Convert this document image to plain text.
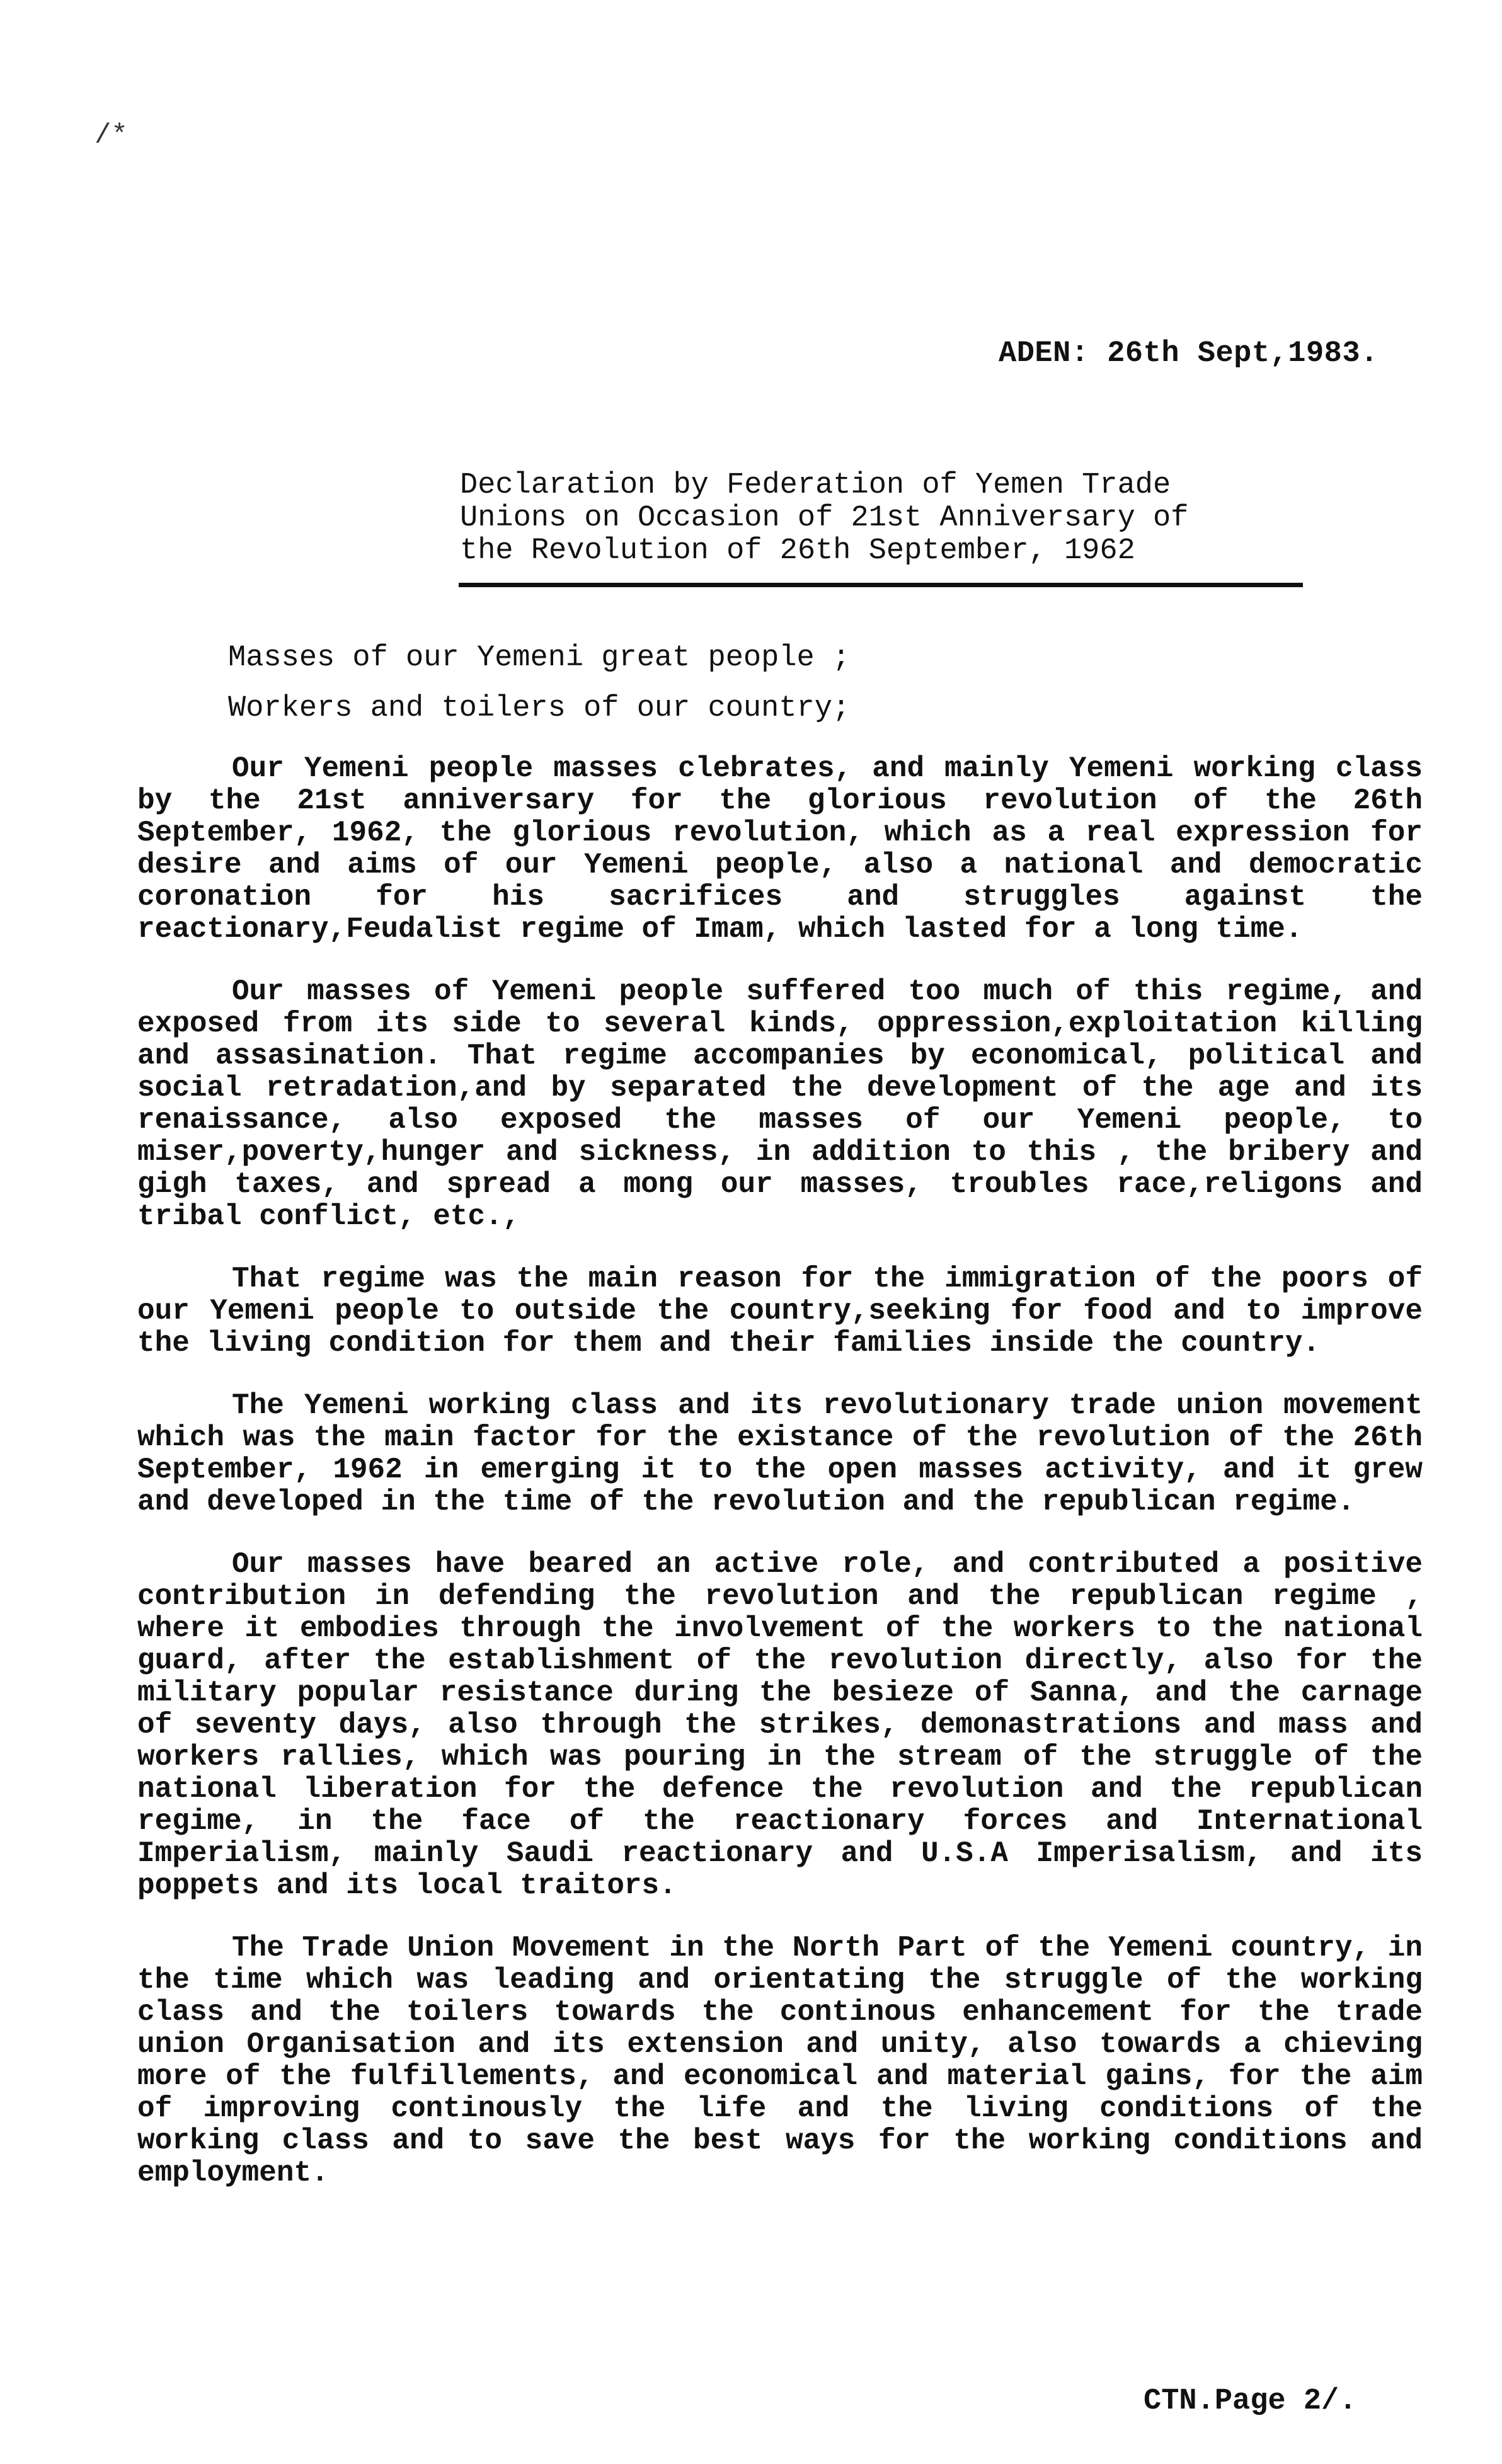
/*
ADEN: 26th Sept,1983.
Declaration by Federation of Yemen Trade
Unions on Occasion of 21st Anniversary of
the Revolution of 26th September, 1962
Masses of our Yemeni great people ;
Workers and toilers of our country;

Our Yemeni people masses clebrates, and mainly Yemeni working class by the 21st anniversary for the glorious revolution of the 26th September, 1962, the glorious revolution, which as a real expression for desire and aims of our Yemeni people, also a national and democratic coronation for his sacrifices and struggles against the reactionary,Feudalist regime of Imam, which lasted for a long time.

Our masses of Yemeni people suffered too much of this regime, and exposed from its side to several kinds, oppression,exploitation killing and assasination. That regime accompanies by economical, political and social retradation,and by separated the development of the age and its renaissance, also exposed the masses of our Yemeni people, to miser,poverty,hunger and sickness, in addition to this , the bribery and gigh taxes, and spread a mong our masses, troubles race,religons and tribal conflict, etc.,

That regime was the main reason for the immigration of the poors of our Yemeni people to outside the country,seeking for food and to improve the living condition for them and their families inside the country.

The Yemeni working class and its revolutionary trade union movement which was the main factor for the existance of the revolution of the 26th September, 1962 in emerging it to the open masses activity, and it grew and developed in the time of the revolution and the republican regime.

Our masses have beared an active role, and contributed a positive contribution in defending the revolution and the republican regime , where it embodies through the involvement of the workers to the national guard, after the establishment of the revolution directly, also for the military popular resistance during the besieze of Sanna, and the carnage of seventy days, also through the strikes, demonastrations and mass and workers rallies, which was pouring in the stream of the struggle of the national liberation for the defence the revolution and the republican regime, in the face of the reactionary forces and International Imperialism, mainly Saudi reactionary and U.S.A Imperisalism, and its poppets and its local traitors.

The Trade Union Movement in the North Part of the Yemeni country, in the time which was leading and orientating the struggle of the working class and the toilers towards the continous enhancement for the trade union Organisation and its extension and unity, also towards a chieving more of the fulfillements, and economical and material gains, for the aim of improving continously the life and the living conditions of the working class and to save the best ways for the working conditions and employment.

CTN.Page 2/.
